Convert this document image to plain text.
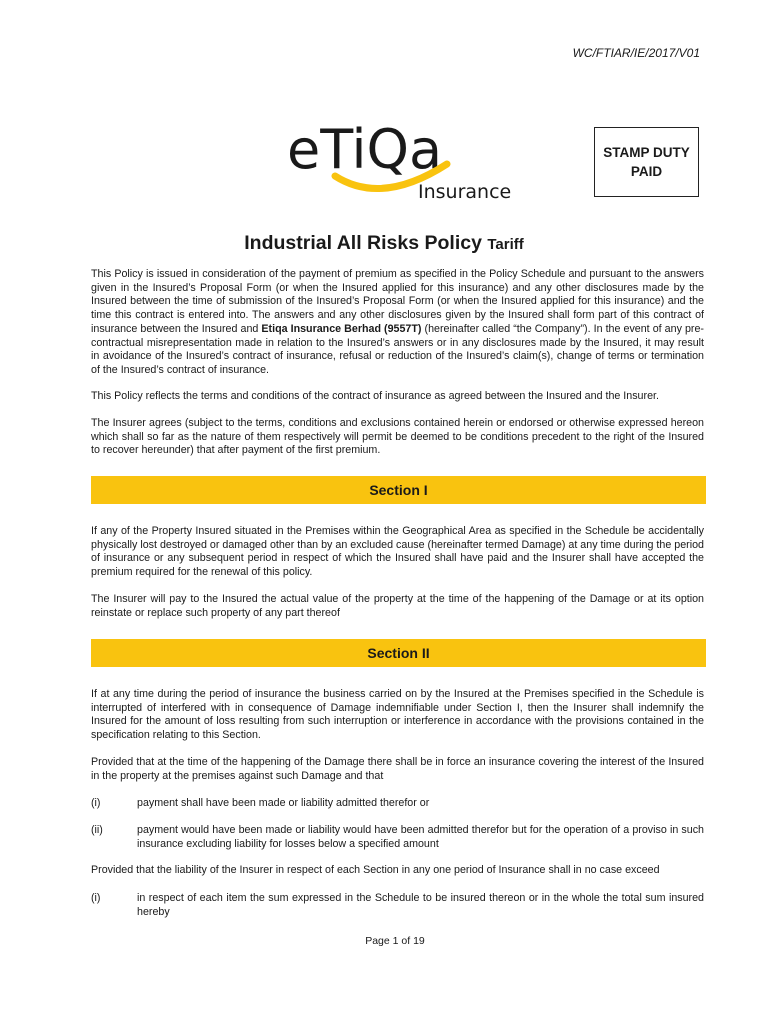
WC/FTIAR/IE/2017/V01
eTiQa
Insurance
STAMP DUTY
PAID
Industrial All Risks Policy Tariff
This Policy is issued in consideration of the payment of premium as specified in the Policy Schedule and pursuant to the answers given in the Insured’s Proposal Form (or when the Insured applied for this insurance) and any other disclosures made by the Insured between the time of submission of the Insured’s Proposal Form (or when the Insured applied for this insurance) and the time this contract is entered into. The answers and any other disclosures given by the Insured shall form part of this contract of insurance between the Insured and Etiqa Insurance Berhad (9557T) (hereinafter called “the Company”). In the event of any pre-contractual misrepresentation made in relation to the Insured’s answers or in any disclosures made by the Insured, it may result in avoidance of the Insured’s contract of insurance, refusal or reduction of the Insured’s claim(s), change of terms or termination of the Insured’s contract of insurance.
This Policy reflects the terms and conditions of the contract of insurance as agreed between the Insured and the Insurer.
The Insurer agrees (subject to the terms, conditions and exclusions contained herein or endorsed or otherwise expressed hereon which shall so far as the nature of them respectively will permit be deemed to be conditions precedent to the right of the Insured to recover hereunder) that after payment of the first premium.
Section I
If any of the Property Insured situated in the Premises within the Geographical Area as specified in the Schedule be accidentally physically lost destroyed or damaged other than by an excluded cause (hereinafter termed Damage) at any time during the period of insurance or any subsequent period in respect of which the Insured shall have paid and the Insurer shall have accepted the premium required for the renewal of this policy.
The Insurer will pay to the Insured the actual value of the property at the time of the happening of the Damage or at its option reinstate or replace such property of any part thereof
Section II
If at any time during the period of insurance the business carried on by the Insured at the Premises specified in the Schedule is interrupted of interfered with in consequence of Damage indemnifiable under Section I, then the Insurer shall indemnify the Insured for the amount of loss resulting from such interruption or interference in accordance with the provisions contained in the specification relating to this Section.
Provided that at the time of the happening of the Damage there shall be in force an insurance covering the interest of the Insured in the property at the premises against such Damage and that
(i)	payment shall have been made or liability admitted therefor or
(ii)	payment would have been made or liability would have been admitted therefor but for the operation of a proviso in such insurance excluding liability for losses below a specified amount
Provided that the liability of the Insurer in respect of each Section in any one period of Insurance shall in no case exceed
(i)	in respect of each item the sum expressed in the Schedule to be insured thereon or in the whole the total sum insured hereby
Page 1 of 19
